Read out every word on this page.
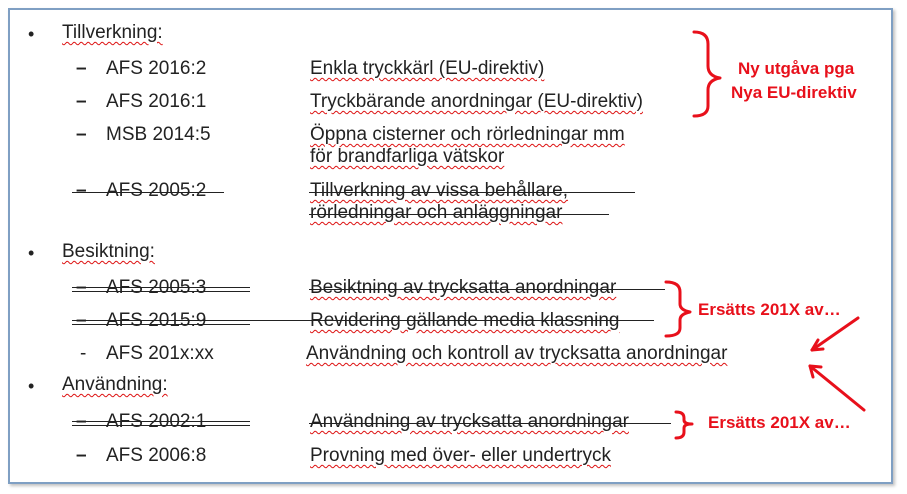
• Tillverkning:
– AFS 2016:2	Enkla tryckkärl (EU-direktiv)
– AFS 2016:1	Tryckbärande anordningar (EU-direktiv)
– MSB 2014:5	Öppna cisterner och rörledningar mm
för brandfarliga vätskor
– AFS 2005:2	Tillverkning av vissa behållare,
rörledningar och anläggningar
• Besiktning:
– AFS 2005:3	Besiktning av trycksatta anordningar
– AFS 2015:9	Revidering gällande media klassning
- AFS 201x:xx	Användning och kontroll av trycksatta anordningar
• Användning:
– AFS 2002:1	Användning av trycksatta anordningar
– AFS 2006:8	Provning med över- eller undertryck
Ny utgåva pga
Nya EU-direktiv
Ersätts 201X av…
Ersätts 201X av…
